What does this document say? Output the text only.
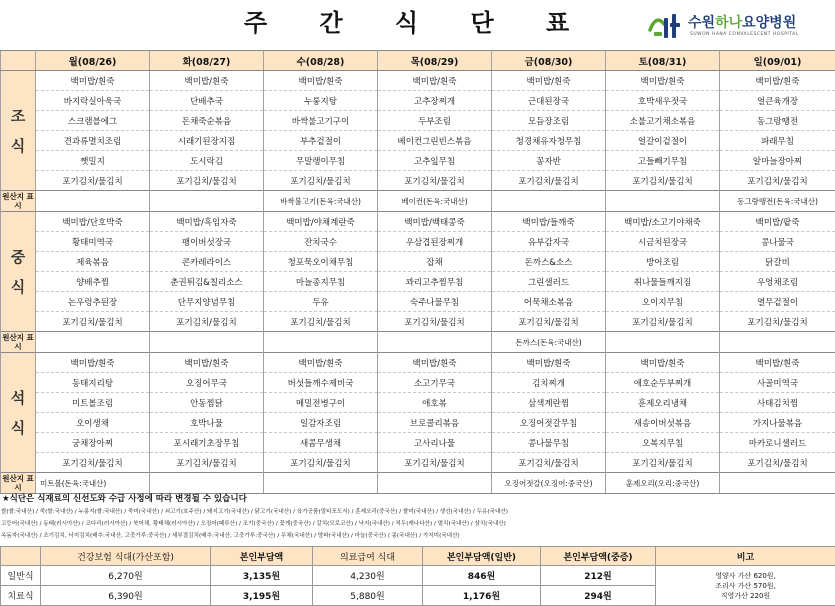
주 간 식 단 표	수원하나요양병원
SUWON HANA CONVALESCENT HOSPITAL
	월(08/26)	화(08/27)	수(08/28)	목(08/29)	금(08/30)	토(08/31)	일(09/01)

조
식	백미밥/흰죽	백미밥/흰죽	백미밥/흰죽	백미밥/흰죽	백미밥/흰죽	백미밥/흰죽	백미밥/흰죽
	바지락실아욱국	단배추국	누룽지탕	고추장찌개	근대된장국	호박새우젓국	얼큰육개장
	스크램블에그	돈채죽순볶음	바싹불고기구이	두부조림	모듬장조림	소불고기채소볶음	동그랑땡전
	견과류멸치조림	시래기된장지짐	부추겉절이	베이컨그린빈스볶음	청경채유자청무침	얼갈이겉절이	파래무침
	쨋밀지	도시락김	무말랭이무침	고추잎무침	꽁자반	고들빼기무침	알마늘장아찌
	포기김치/물김치	포기김치/물김치	포기김치/물김치	포기김치/물김치	포기김치/물김치	포기김치/물김치	포기김치/물김치
원산지 표시			바싹불고기(돈육:국내산)	베이컨(돈육:국내산)			동그랑땡전(돈육:국내산)

중
식	백미밥/단호박죽	백미밥/흑임자죽	백미밥/야채계란죽	백미밥/백태콩죽	백미밥/들깨죽	백미밥/소고기야채죽	백미밥/팥죽
	황태미역국	팽이버섯장국	잔치국수	우삼겹된장찌개	유부감자국	시금치된장국	콩나물국
	제육볶음	콘카레라이스	청포묵오이채무침	잡채	돈까스&소스	방어조림	닭갈비
	양배추찜	춘권튀김&칠리소스	마늘종지무침	꽈리고추찜무침	그린샐러드	취나물들깨지짐	우엉채조림
	논우렁추된장	단무지양념무침	두유	숙주나물무침	어묵채소볶음	오이지무침	열무겉절이
	포기김치/물김치	포기김치/물김치	포기김치/물김치	포기김치/물김치	포기김치/물김치	포기김치/물김치	포기김치/물김치
원산지 표시					돈까스(돈육:국내산)		

석
식	백미밥/흰죽	백미밥/흰죽	백미밥/흰죽	백미밥/흰죽	백미밥/흰죽	백미밥/흰죽	백미밥/흰죽
	동태지리탕	오징어무국	버섯들깨수제비국	소고기무국	김치찌개	애호순두부찌개	사골미역국
	미트볼조림	안동찜닭	메밀전병구이	애호볶	삼색계란찜	훈제오리냉채	사태김치찜
	오이생채	호박나물	일감자조림	브로콜리볶음	오징어젓갈무침	새송이버섯볶음	가지나물볶음
	궁채장아찌	포시래기초장무침	새콤무생채	고사리나물	콩나물무침	오복지무침	마카로니샐러드
	포기김치/물김치	포기김치/물김치	포기김치/물김치	포기김치/물김치	포기김치/물김치	포기김치/물김치	포기김치/물김치
원산지 표시	미트볼(돈육:국내산)				오징어젓갈(오징어:중국산)	훈제오리(오리:중국산)	
★식단은 식재료의 신선도와 수급 사정에 따라 변경될 수 있습니다
쌀(쌀:국내산) / 죽(쌀:국내산) / 누룽지(쌀:국내산) / 죽미(국내산) / 쇠고기(호주산) / 돼지고기(국내산) / 닭고기(국내산) / 육가공품(멀티포도서) / 훈제오리(중국산) / 쌀미(국내산) / 생선(국내산) / 두유(국내산)
고등어(국내산) / 동태(러시아산) / 코다리(러시아산) / 북어채, 황태채(러시아산) / 오징어(페루산) / 조기(중국산) / 꽃게(중국산) / 갈치(모로코산) / 낙지(국내산) / 적두(캐나다산) / 멸치(국내산) / 삼치(국내산)
옥돔자(국내산) / 조기김치, 낙지김치(배추:국내산, 고춧가루:중국산) / 세부결김치(배추:국내산, 고춧가루:중국산) / 무채(국내산) / 양파(국내산) / 마늘(중국산) / 콩(국내산) / 가지미(국내산)
	건강보험 식대(가산포함)	본인부담액	의료급여 식대	본인부담액(일반)	본인부담액(중증)	비고
일반식	6,270원	3,135원	4,230원	846원	212원	영양사 가산 620원,
조리사 가산 570원,
직영가산 220원

치료식	6,390원	3,195원	5,880원	1,176원	294원	
